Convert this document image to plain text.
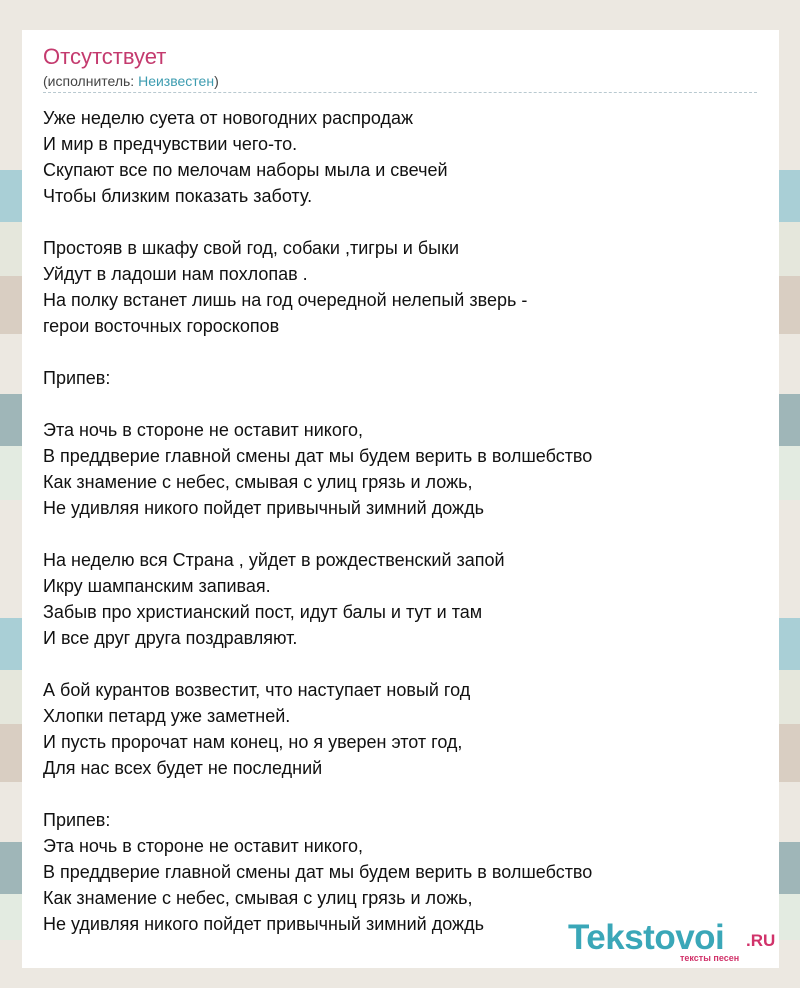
Отсутствует
(исполнитель: Неизвестен)
Уже неделю суета от новогодних распродаж
И мир в предчувствии чего-то.
Скупают все по мелочам наборы мыла и свечей
Чтобы близким показать заботу.
Простояв в шкафу свой год, собаки ,тигры и быки
Уйдут в ладоши нам похлопав .
На полку встанет лишь на год очередной нелепый зверь -
герои восточных гороскопов
Припев:
Эта ночь в стороне не оставит никого,
В преддверие главной смены дат мы будем верить в волшебство
Как знамение с небес, смывая с улиц грязь и ложь,
Не удивляя никого пойдет привычный зимний дождь
На неделю вся Страна , уйдет в рождественский запой
Икру шампанским запивая.
Забыв про христианский пост, идут балы и тут и там
И все друг друга поздравляют.
А бой курантов возвестит, что наступает новый год
Хлопки петард уже заметней.
И пусть пророчат нам конец, но я уверен этот год,
Для нас всех будет не последний
Припев:
Эта ночь в стороне не оставит никого,
В преддверие главной смены дат мы будем верить в волшебство
Как знамение с небес, смывая с улиц грязь и ложь,
Не удивляя никого пойдет привычный зимний дождь	Tekstovoi .RU
тексты песен
